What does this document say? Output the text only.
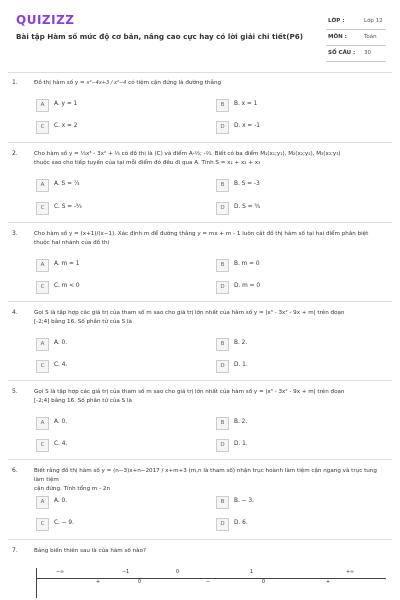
QUIZIZZ
Bài tập Hàm số mức độ cơ bản, nâng cao cực hay có lời giải chi tiết(P6)
LỚP :	Lớp 12
MÔN :	Toán
SỐ CÂU : 30
1.	Đồ thị hàm số y = x²−4x+3 / x²−4 có tiệm cận đứng là đường thẳng
A	A. y = 1	B	B. x = 1
C	C. x = 2	D	D. x = -1
2.	Cho hàm số y = ⅓x³ - 3x² + ⅓ có đồ thị là (C) và điểm A-⅔; -⅔. Biết có ba điểm M₁(x₁;y₁), M₂(x₂;y₂), M₃(x₃;y₃)
thuộc sao cho tiếp tuyến của tại mỗi điểm đó đều đi qua A. Tính S = x₁ + x₂ + x₃
A	A. S = ⁷⁄₃	B	B. S = -3
C	C. S = -⁵⁄₃	D	D. S = ⁵⁄₃
3.	Cho hàm số y = (x+1)/(x−1). Xác định m để đường thẳng y = mx + m - 1 luôn cắt đồ thị hàm số tại hai điểm phân biệt
thuộc hai nhánh của đồ thị
A	A. m = 1	B	B. m = 0
C	C. m < 0	D	D. m = 0
4.	Gọi S là tập hợp các giá trị của tham số m sao cho giá trị lớn nhất của hàm số y = |x³ - 3x² - 9x + m| trên đoạn
[-2;4] bằng 16. Số phần tử của S là
A	A. 0.	B	B. 2.
C	C. 4.	D	D. 1.
5.	Gọi S là tập hợp các giá trị của tham số m sao cho giá trị lớn nhất của hàm số y = |x³ - 3x² - 9x + m| trên đoạn
[-2;4] bằng 16. Số phần tử của S là
A	A. 0.	B	B. 2.
C	C. 4.	D	D. 1.
6.	Biết rằng đồ thị hàm số y = (n−3)x+n−2017 / x+m+3 (m,n là tham số) nhận trục hoành làm tiệm cận ngang và trục tung làm tiệm
cận đứng. Tính tổng m - 2n
A	A. 0.	B	B. − 3.
C	C. − 9.	D	D. 6.
7.	Bảng biến thiên sau là của hàm số nào?
−∞	−1	0	1	+∞
+	0	−	0	+
